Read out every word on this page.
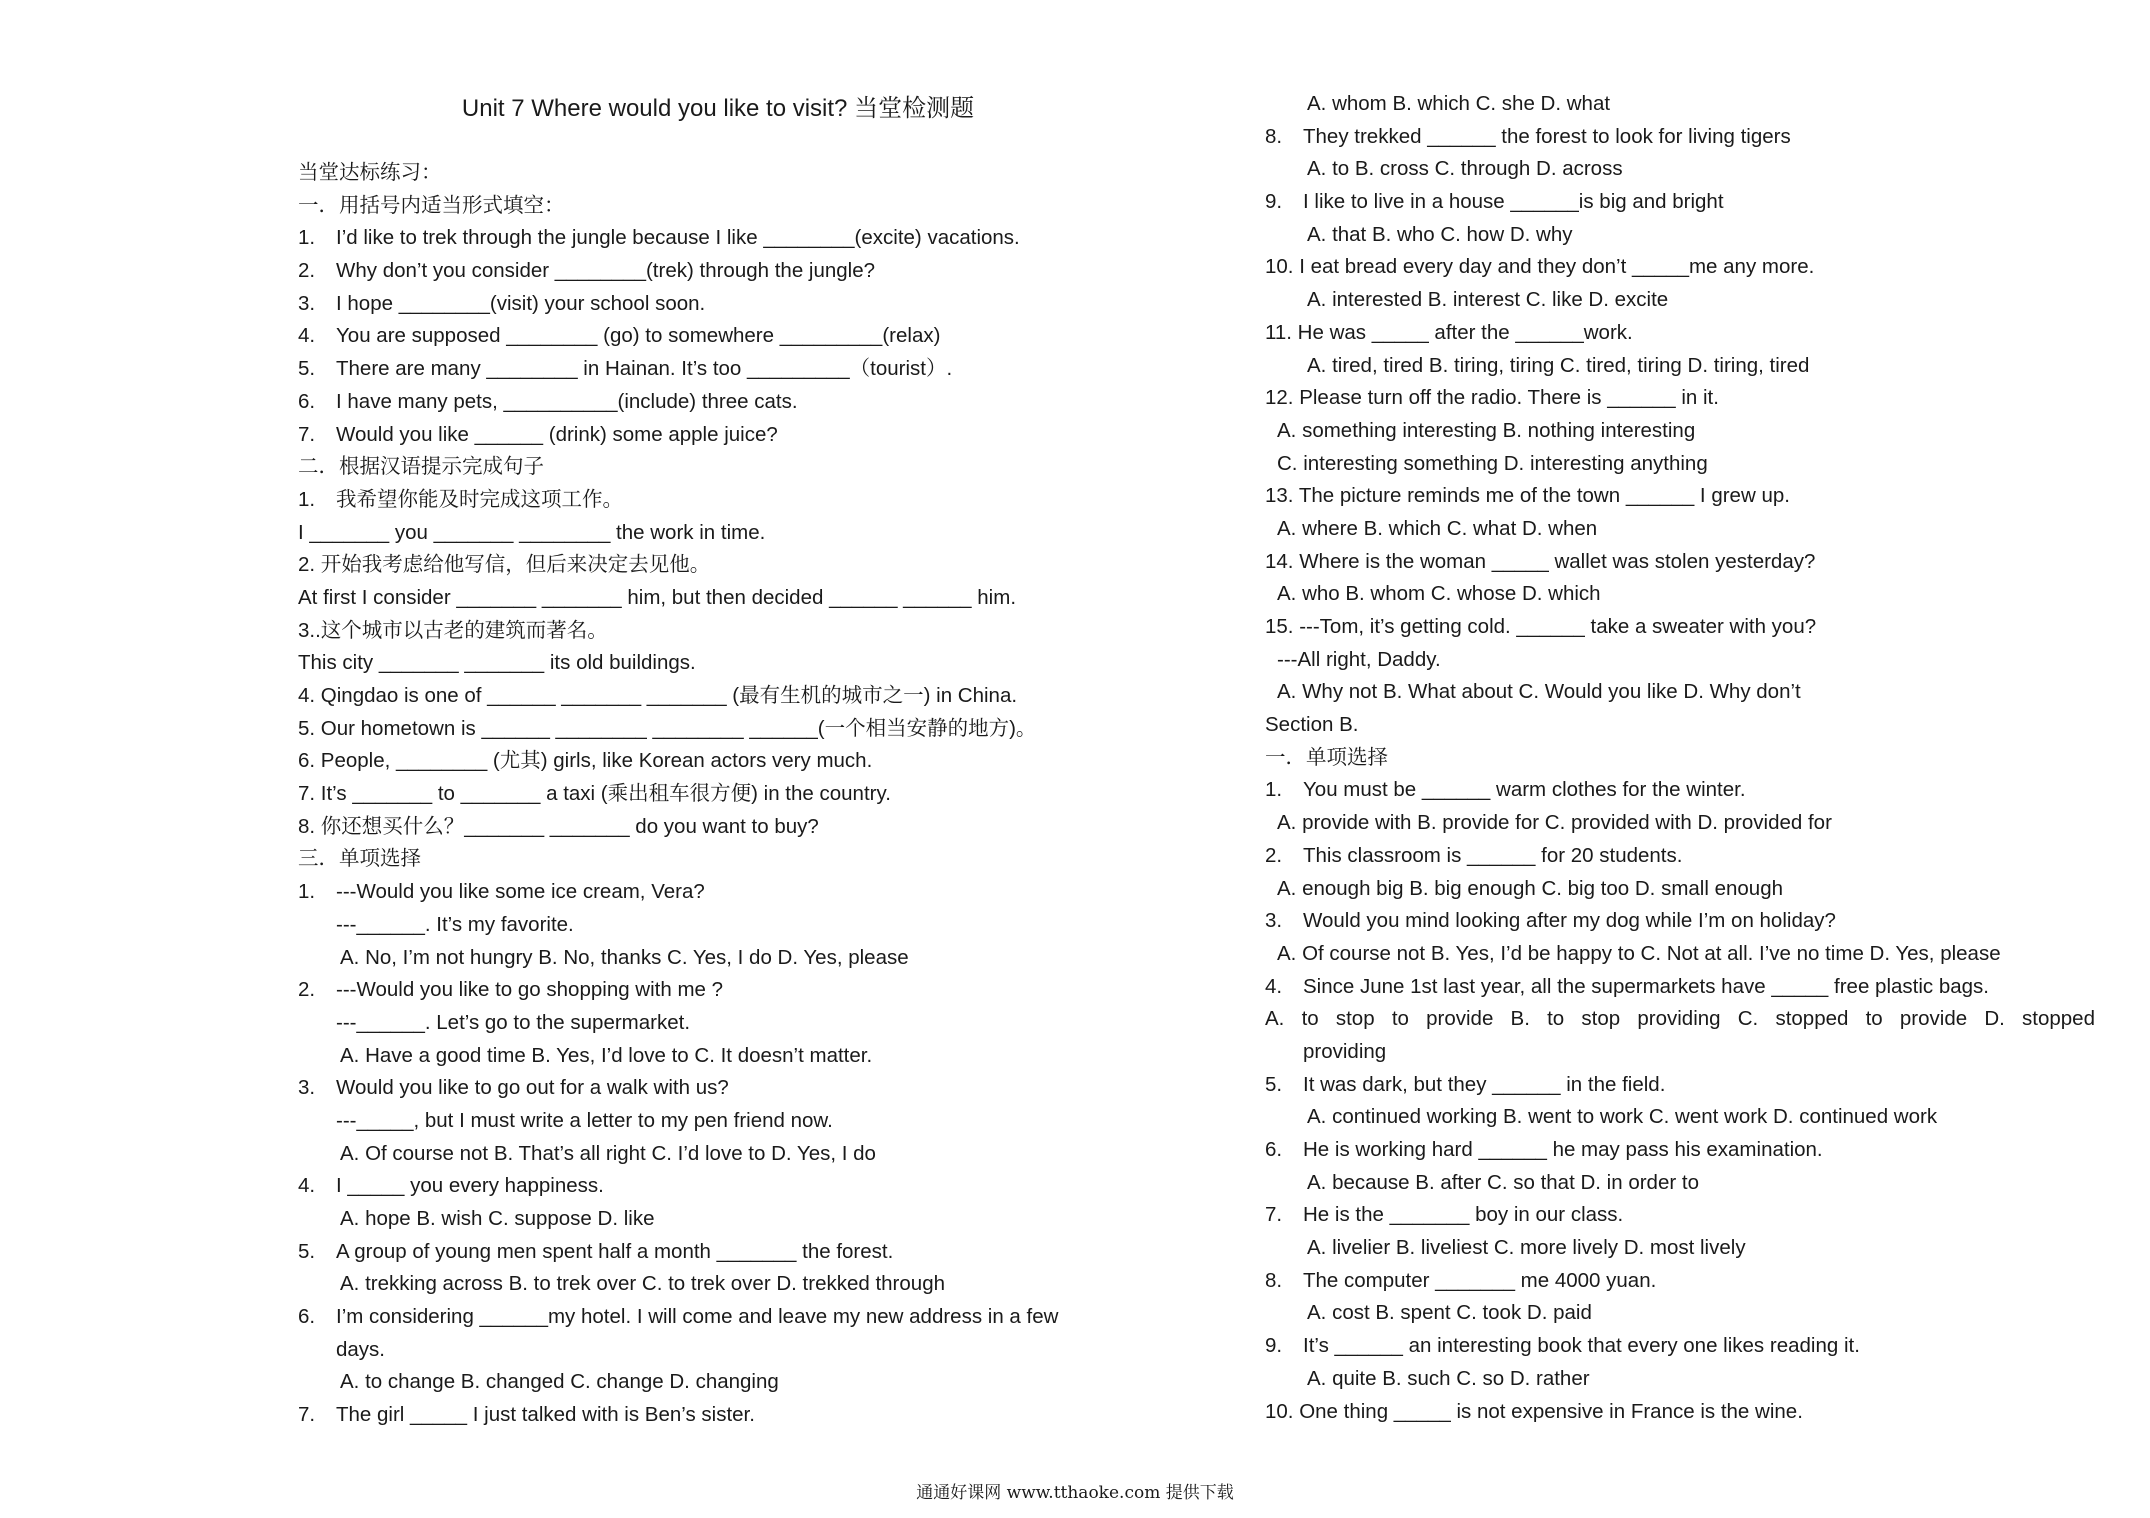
Unit 7 Where would you like to visit? 当堂检测题
当堂达标练习：
一．用括号内适当形式填空：
1. I’d like to trek through the jungle because I like ________(excite) vacations.
2. Why don’t you consider ________(trek) through the jungle?
3. I hope ________(visit) your school soon.
4. You are supposed ________ (go) to somewhere _________(relax)
5. There are many ________ in Hainan. It’s too _________（tourist）.
6. I have many pets, __________(include) three cats.
7. Would you like ______ (drink) some apple juice?
二．根据汉语提示完成句子
1. 我希望你能及时完成这项工作。
I _______ you _______ ________ the work in time.
2. 开始我考虑给他写信，但后来决定去见他。
At first I consider _______ _______ him, but then decided ______ ______ him.
3..这个城市以古老的建筑而著名。
This city _______ _______ its old buildings.
4. Qingdao is one of ______ _______ _______ (最有生机的城市之一) in China.
5. Our hometown is ______ ________ ________ ______(一个相当安静的地方)。
6. People, ________ (尤其) girls, like Korean actors very much.
7. It’s _______ to _______ a taxi (乘出租车很方便) in the country.
8. 你还想买什么？_______ _______ do you want to buy?
三．单项选择
1. ---Would you like some ice cream, Vera?
---______. It’s my favorite.
A. No, I’m not hungry B. No, thanks C. Yes, I do D. Yes, please
2. ---Would you like to go shopping with me ?
---______. Let’s go to the supermarket.
A. Have a good time B. Yes, I’d love to C. It doesn’t matter.
3. Would you like to go out for a walk with us?
---_____, but I must write a letter to my pen friend now.
A. Of course not B. That’s all right C. I’d love to D. Yes, I do
4. I _____ you every happiness.
A. hope B. wish C. suppose D. like
5. A group of young men spent half a month _______ the forest.
A. trekking across B. to trek over C. to trek over D. trekked through
6. I’m considering ______my hotel. I will come and leave my new address in a few
days.
A. to change B. changed C. change D. changing
7. The girl _____ I just talked with is Ben’s sister.
A. whom B. which C. she D. what
8. They trekked ______ the forest to look for living tigers
A. to B. cross C. through D. across
9. I like to live in a house ______is big and bright
A. that B. who C. how D. why
10. I eat bread every day and they don’t _____me any more.
A. interested B. interest C. like D. excite
11. He was _____ after the ______work.
A. tired, tired B. tiring, tiring C. tired, tiring D. tiring, tired
12. Please turn off the radio. There is ______ in it.
A. something interesting B. nothing interesting
C. interesting something D. interesting anything
13. The picture reminds me of the town ______ I grew up.
A. where B. which C. what D. when
14. Where is the woman _____ wallet was stolen yesterday?
A. who B. whom C. whose D. which
15. ---Tom, it’s getting cold. ______ take a sweater with you?
---All right, Daddy.
A. Why not B. What about C. Would you like D. Why don’t
Section B.
一．单项选择
1. You must be ______ warm clothes for the winter.
A. provide with B. provide for C. provided with D. provided for
2. This classroom is ______ for 20 students.
A. enough big B. big enough C. big too D. small enough
3. Would you mind looking after my dog while I’m on holiday?
A. Of course not B. Yes, I’d be happy to C. Not at all. I’ve no time D. Yes, please
4. Since June 1st last year, all the supermarkets have _____ free plastic bags.
A. to stop to provide B. to stop providing C. stopped to provide D. stopped
providing
5. It was dark, but they ______ in the field.
A. continued working B. went to work C. went work D. continued work
6. He is working hard ______ he may pass his examination.
A. because B. after C. so that D. in order to
7. He is the _______ boy in our class.
A. livelier B. liveliest C. more lively D. most lively
8. The computer _______ me 4000 yuan.
A. cost B. spent C. took D. paid
9. It’s ______ an interesting book that every one likes reading it.
A. quite B. such C. so D. rather
10. One thing _____ is not expensive in France is the wine.
通通好课网 www.tthaoke.com 提供下载
